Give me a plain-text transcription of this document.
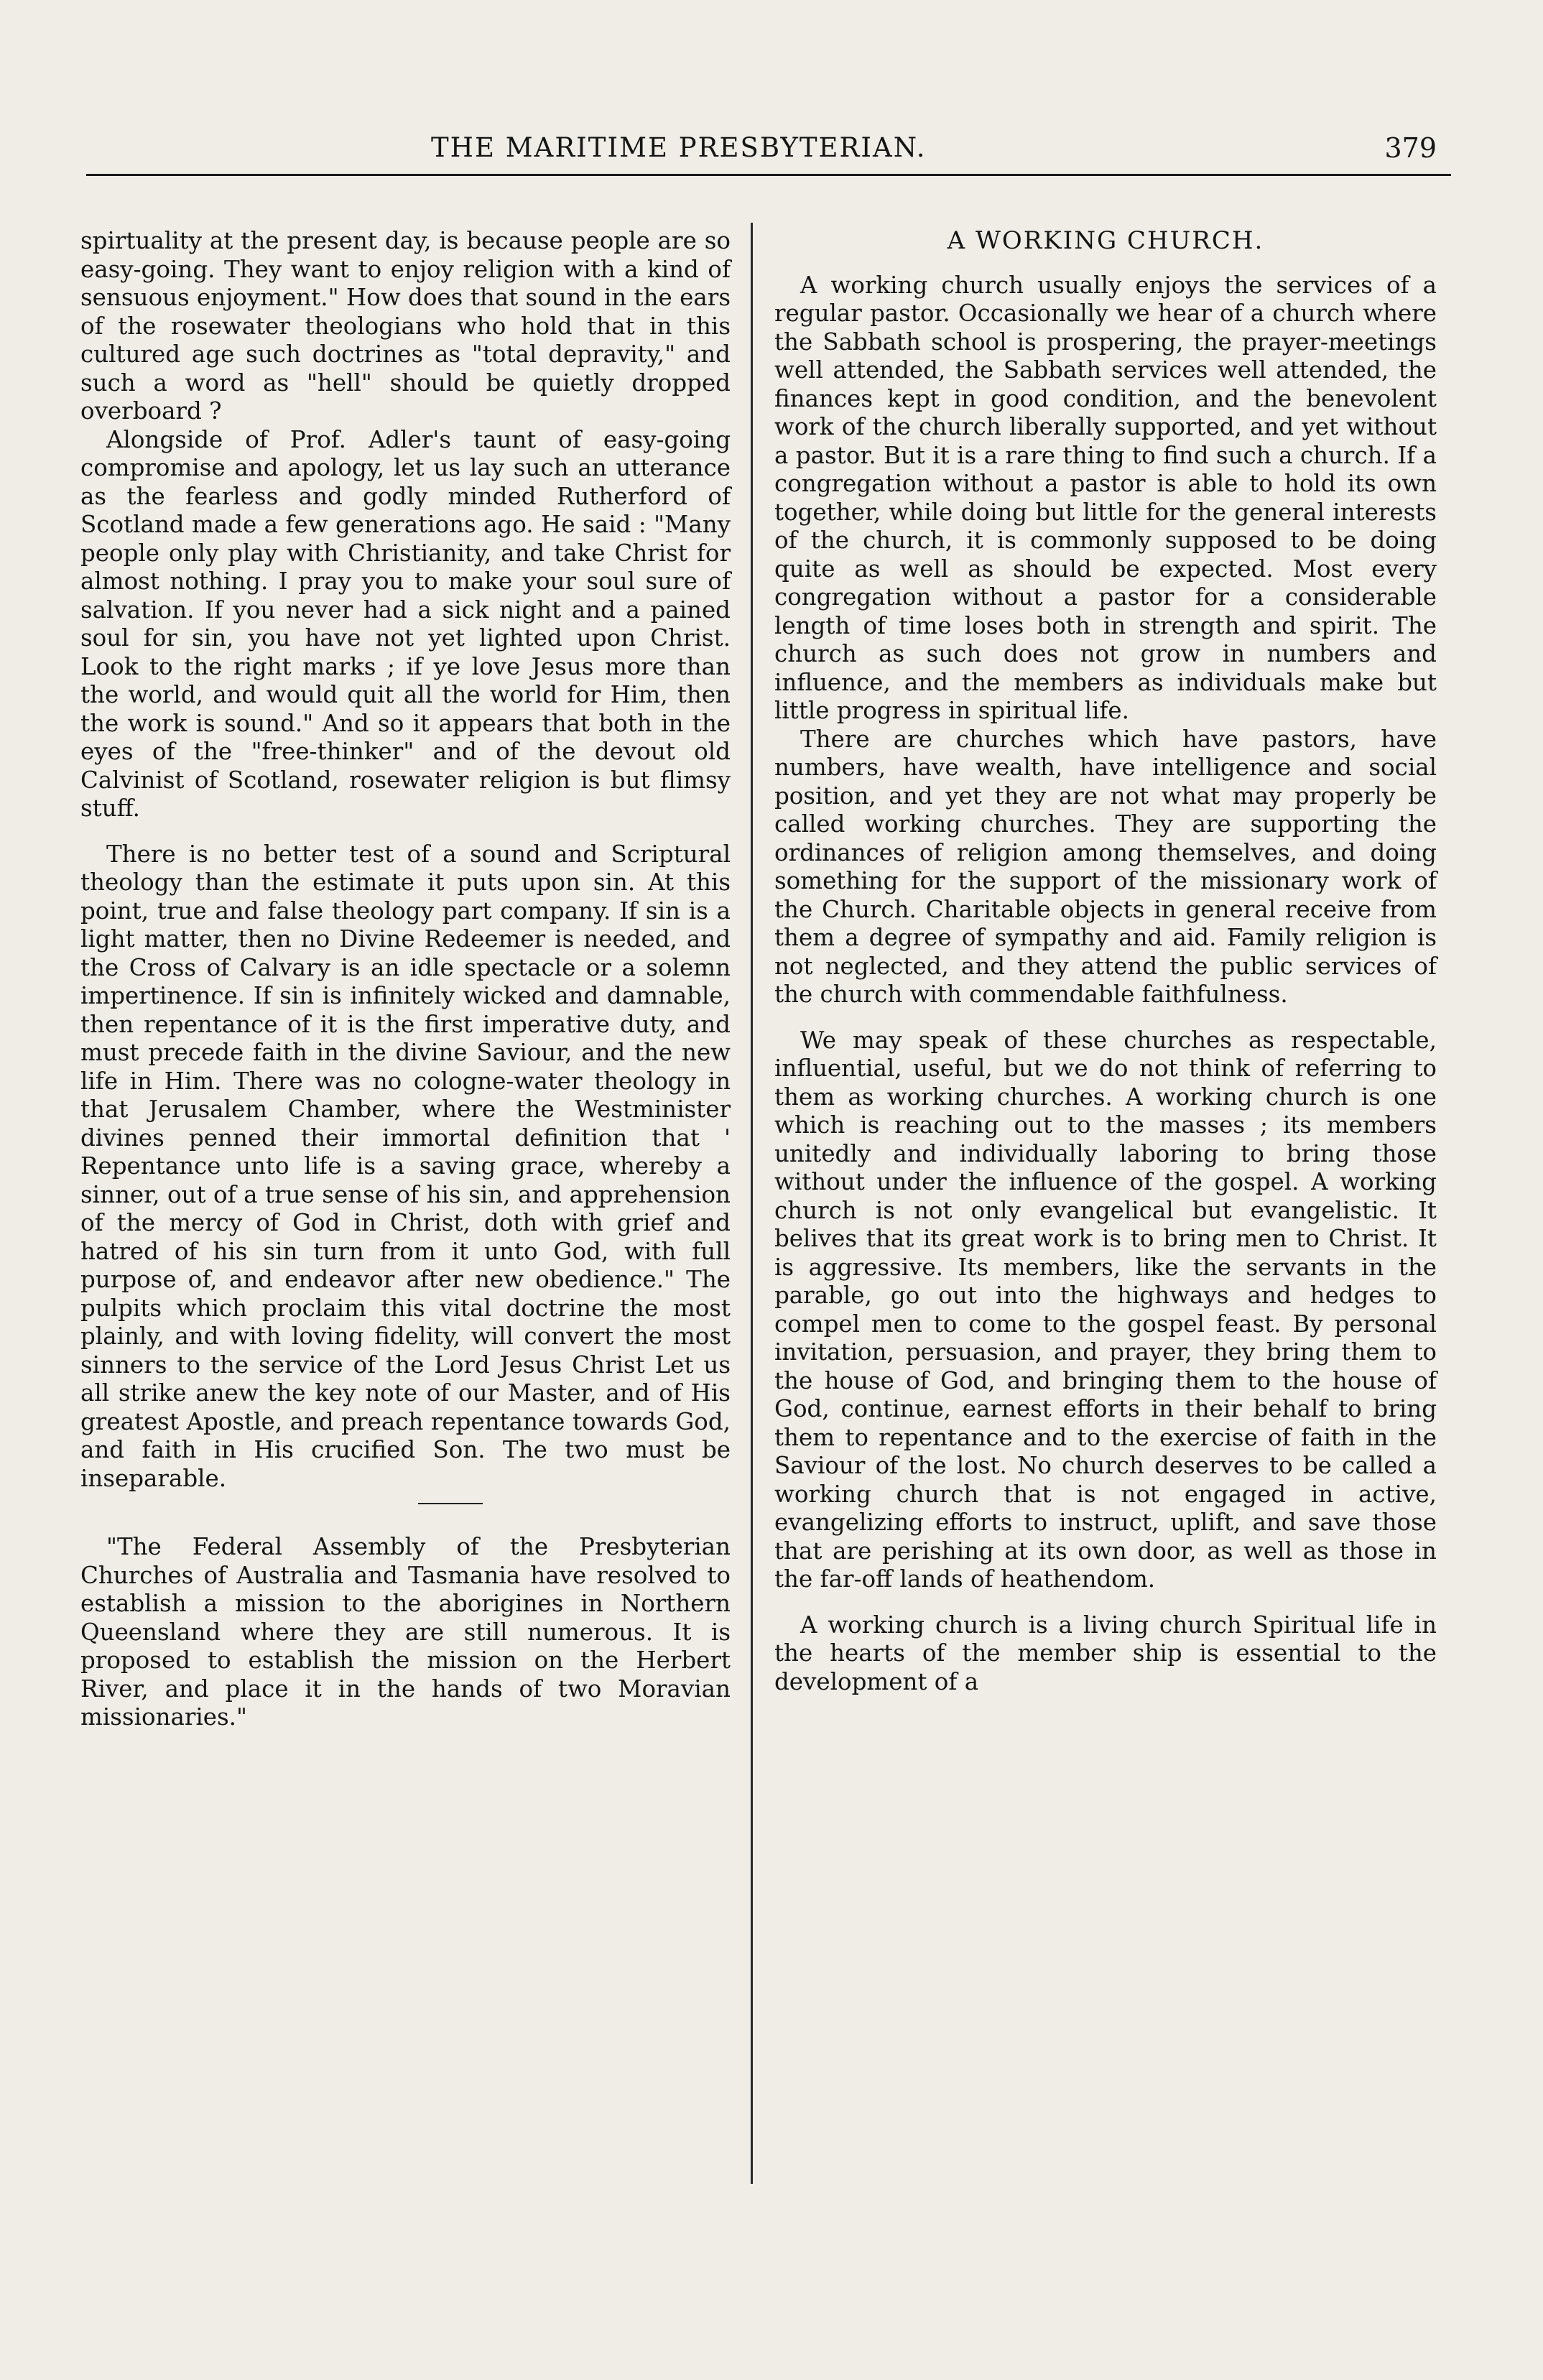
THE MARITIME PRESBYTERIAN.	379

spirtuality at the present day, is because people are so easy-going. They want to enjoy religion with a kind of sensuous enjoyment." How does that sound in the ears of the rosewater theologians who hold that in this cultured age such doctrines as "total depravity," and such a word as "hell" should be quietly dropped overboard ?

Alongside of Prof. Adler's taunt of easy-going compromise and apology, let us lay such an utterance as the fearless and godly minded Rutherford of Scotland made a few generations ago. He said : "Many people only play with Christianity, and take Christ for almost nothing. I pray you to make your soul sure of salvation. If you never had a sick night and a pained soul for sin, you have not yet lighted upon Christ. Look to the right marks ; if ye love Jesus more than the world, and would quit all the world for Him, then the work is sound." And so it appears that both in the eyes of the "free-thinker" and of the devout old Calvinist of Scotland, rosewater religion is but flimsy stuff.

There is no better test of a sound and Scriptural theology than the estimate it puts upon sin. At this point, true and false theology part company. If sin is a light matter, then no Divine Redeemer is needed, and the Cross of Calvary is an idle spectacle or a solemn impertinence. If sin is infinitely wicked and damnable, then repentance of it is the first imperative duty, and must precede faith in the divine Saviour, and the new life in Him. There was no cologne-water theology in that Jerusalem Chamber, where the Westminister divines penned their immortal definition that ' Repentance unto life is a saving grace, whereby a sinner, out of a true sense of his sin, and apprehension of the mercy of God in Christ, doth with grief and hatred of his sin turn from it unto God, with full purpose of, and endeavor after new obedience." The pulpits which proclaim this vital doctrine the most plainly, and with loving fidelity, will convert the most sinners to the service of the Lord Jesus Christ Let us all strike anew the key note of our Master, and of His greatest Apostle, and preach repentance towards God, and faith in His crucified Son. The two must be inseparable.

"The Federal Assembly of the Presbyterian Churches of Australia and Tasmania have resolved to establish a mission to the aborigines in Northern Queensland where they are still numerous. It is proposed to establish the mission on the Herbert River, and place it in the hands of two Moravian missionaries."

A WORKING CHURCH.

A working church usually enjoys the services of a regular pastor. Occasionally we hear of a church where the Sabbath school is prospering, the prayer-meetings well attended, the Sabbath services well attended, the finances kept in good condition, and the benevolent work of the church liberally supported, and yet without a pastor. But it is a rare thing to find such a church. If a congregation without a pastor is able to hold its own together, while doing but little for the general interests of the church, it is commonly supposed to be doing quite as well as should be expected. Most every congregation without a pastor for a considerable length of time loses both in strength and spirit. The church as such does not grow in numbers and influence, and the members as individuals make but little progress in spiritual life.

There are churches which have pastors, have numbers, have wealth, have intelligence and social position, and yet they are not what may properly be called working churches. They are supporting the ordinances of religion among themselves, and doing something for the support of the missionary work of the Church. Charitable objects in general receive from them a degree of sympathy and aid. Family religion is not neglected, and they attend the public services of the church with commendable faithfulness.

We may speak of these churches as respectable, influential, useful, but we do not think of referring to them as working churches. A working church is one which is reaching out to the masses ; its members unitedly and individually laboring to bring those without under the influence of the gospel. A working church is not only evangelical but evangelistic. It belives that its great work is to bring men to Christ. It is aggressive. Its members, like the servants in the parable, go out into the highways and hedges to compel men to come to the gospel feast. By personal invitation, persuasion, and prayer, they bring them to the house of God, and bringing them to the house of God, continue, earnest efforts in their behalf to bring them to repentance and to the exercise of faith in the Saviour of the lost. No church deserves to be called a working church that is not engaged in active, evangelizing efforts to instruct, uplift, and save those that are perishing at its own door, as well as those in the far-off lands of heathendom.

A working church is a living church Spiritual life in the hearts of the member ship is essential to the development of a
